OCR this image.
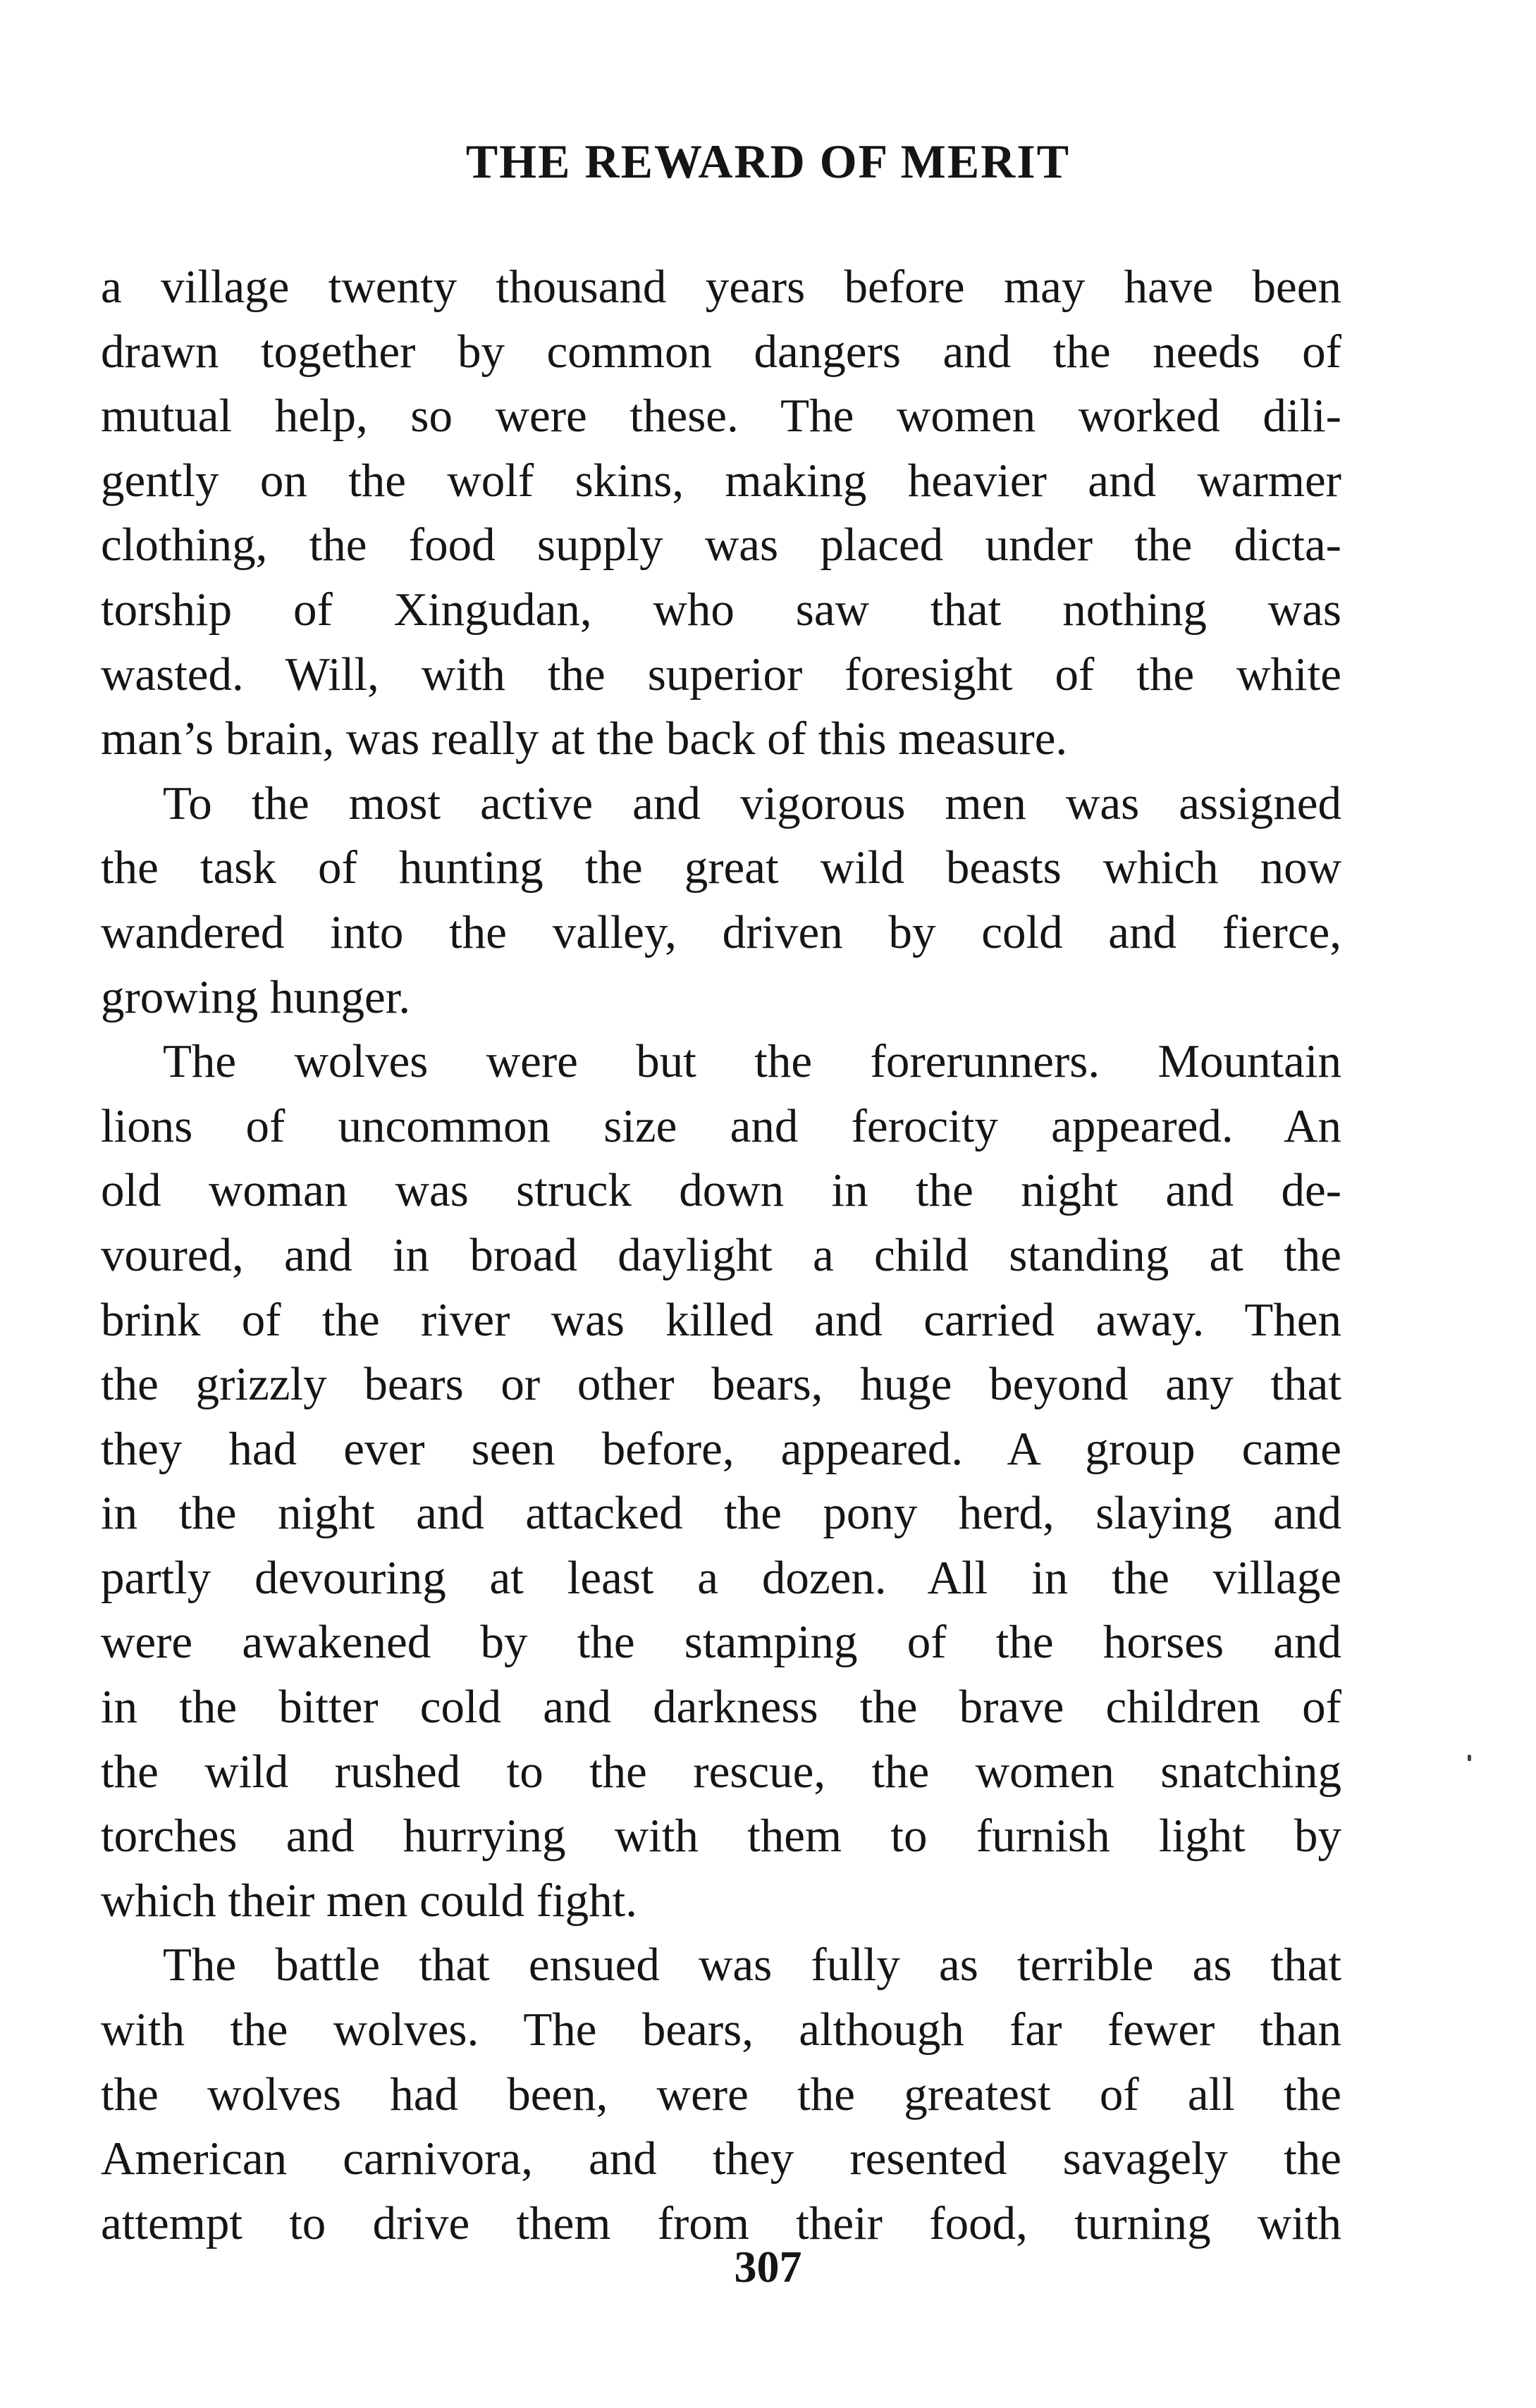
THE REWARD OF MERIT
a village twenty thousand years before may have been
drawn together by common dangers and the needs of
mutual help, so were these. The women worked dili-
gently on the wolf skins, making heavier and warmer
clothing, the food supply was placed under the dicta-
torship of Xingudan, who saw that nothing was
wasted. Will, with the superior foresight of the white
man’s brain, was really at the back of this measure.
To the most active and vigorous men was assigned
the task of hunting the great wild beasts which now
wandered into the valley, driven by cold and fierce,
growing hunger.
The wolves were but the forerunners. Mountain
lions of uncommon size and ferocity appeared. An
old woman was struck down in the night and de-
voured, and in broad daylight a child standing at the
brink of the river was killed and carried away. Then
the grizzly bears or other bears, huge beyond any that
they had ever seen before, appeared. A group came
in the night and attacked the pony herd, slaying and
partly devouring at least a dozen. All in the village
were awakened by the stamping of the horses and
in the bitter cold and darkness the brave children of
the wild rushed to the rescue, the women snatching
torches and hurrying with them to furnish light by
which their men could fight.
The battle that ensued was fully as terrible as that
with the wolves. The bears, although far fewer than
the wolves had been, were the greatest of all the
American carnivora, and they resented savagely the
attempt to drive them from their food, turning with
307
